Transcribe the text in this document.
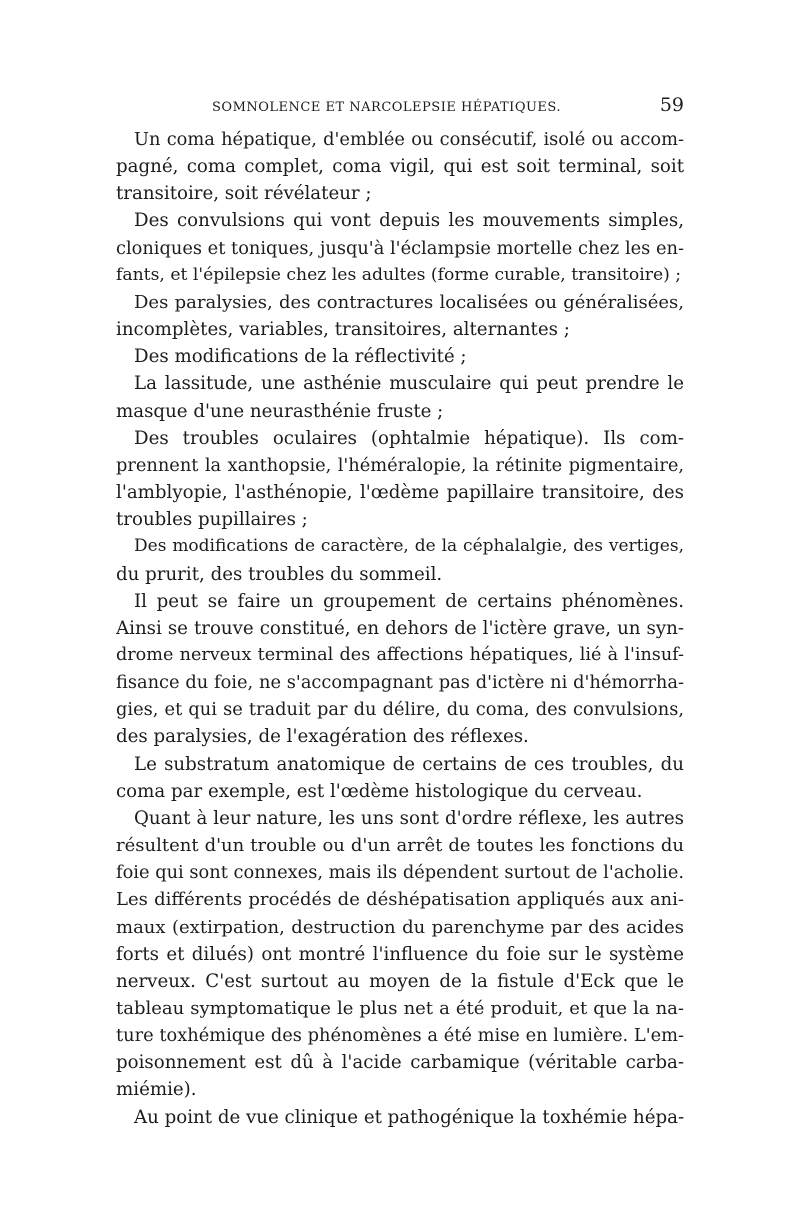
SOMNOLENCE ET NARCOLEPSIE HÉPATIQUES.	59

Un coma hépatique, d'emblée ou consécutif, isolé ou accom-
pagné, coma complet, coma vigil, qui est soit terminal, soit
transitoire, soit révélateur ;

Des convulsions qui vont depuis les mouvements simples,
cloniques et toniques, jusqu'à l'éclampsie mortelle chez les en-
fants, et l'épilepsie chez les adultes (forme curable, transitoire) ;

Des paralysies, des contractures localisées ou généralisées,
incomplètes, variables, transitoires, alternantes ;

Des modifications de la réflectivité ;

La lassitude, une asthénie musculaire qui peut prendre le
masque d'une neurasthénie fruste ;

Des troubles oculaires (ophtalmie hépatique). Ils com-
prennent la xanthopsie, l'héméralopie, la rétinite pigmentaire,
l'amblyopie, l'asthénopie, l'œdème papillaire transitoire, des
troubles pupillaires ;

Des modifications de caractère, de la céphalalgie, des vertiges,
du prurit, des troubles du sommeil.

Il peut se faire un groupement de certains phénomènes.
Ainsi se trouve constitué, en dehors de l'ictère grave, un syn-
drome nerveux terminal des affections hépatiques, lié à l'insuf-
fisance du foie, ne s'accompagnant pas d'ictère ni d'hémorrha-
gies, et qui se traduit par du délire, du coma, des convulsions,
des paralysies, de l'exagération des réflexes.

Le substratum anatomique de certains de ces troubles, du
coma par exemple, est l'œdème histologique du cerveau.

Quant à leur nature, les uns sont d'ordre réflexe, les autres
résultent d'un trouble ou d'un arrêt de toutes les fonctions du
foie qui sont connexes, mais ils dépendent surtout de l'acholie.
Les différents procédés de déshépatisation appliqués aux ani-
maux (extirpation, destruction du parenchyme par des acides
forts et dilués) ont montré l'influence du foie sur le système
nerveux. C'est surtout au moyen de la fistule d'Eck que le
tableau symptomatique le plus net a été produit, et que la na-
ture toxhémique des phénomènes a été mise en lumière. L'em-
poisonnement est dû à l'acide carbamique (véritable carba-
miémie).

Au point de vue clinique et pathogénique la toxhémie hépa-
